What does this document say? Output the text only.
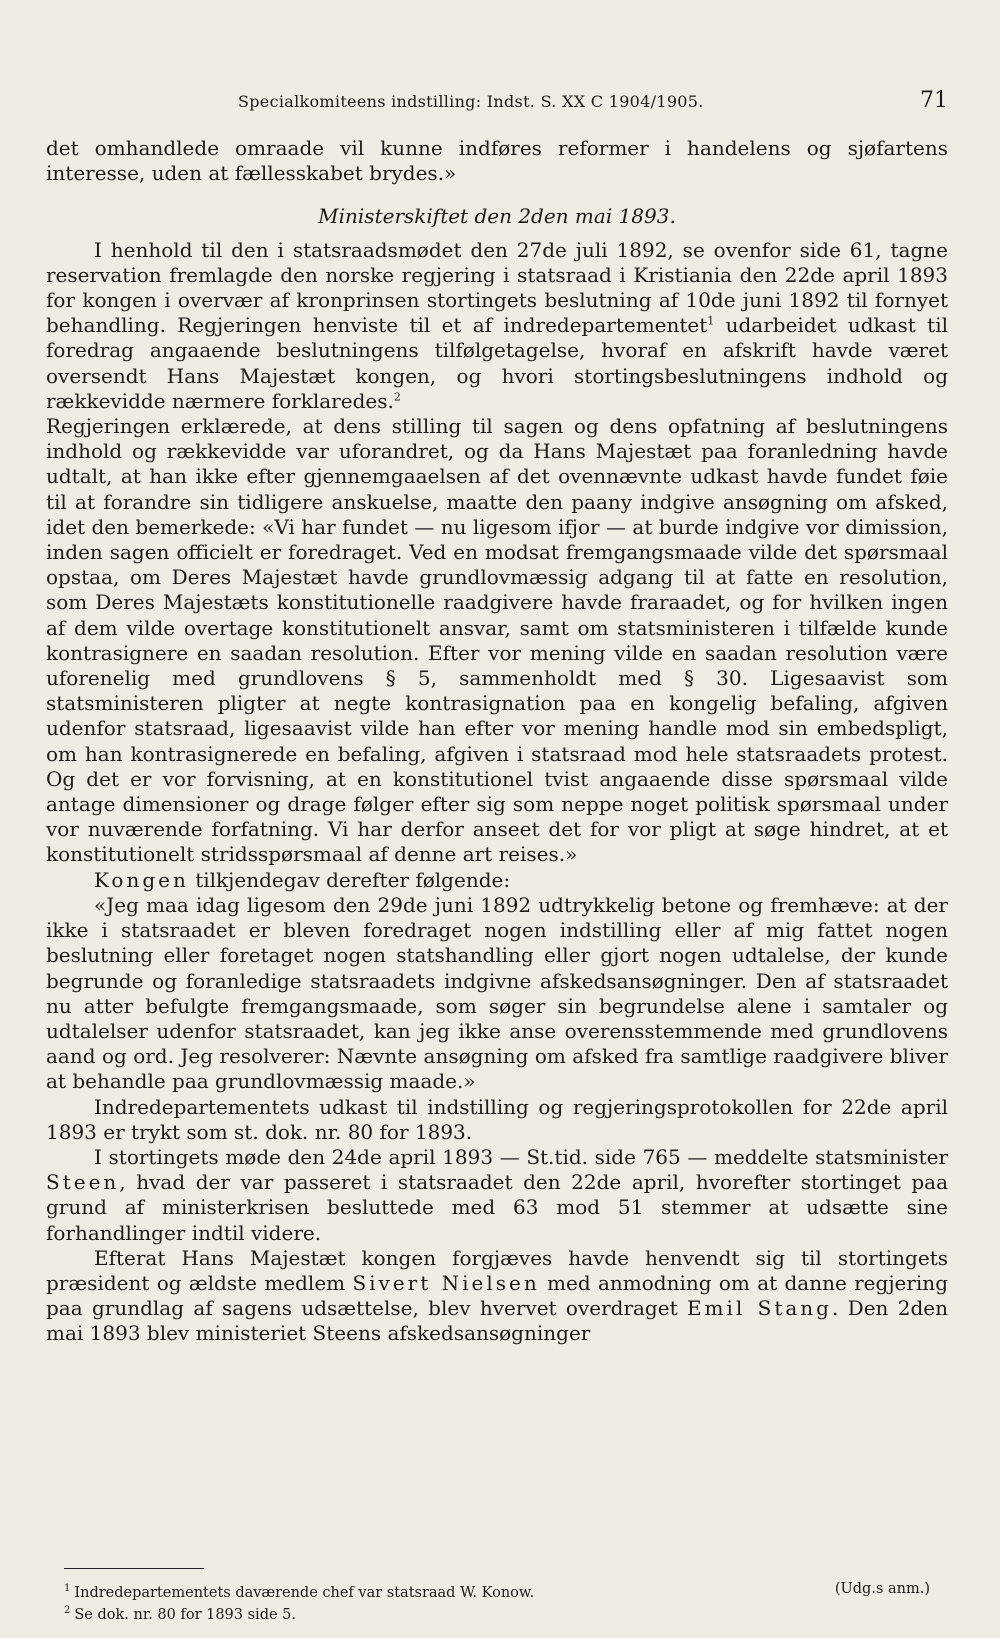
Specialkomiteens indstilling: Indst. S. XX C 1904/1905.	71

det omhandlede omraade vil kunne indføres reformer i handelens og sjøfartens interesse, uden at fællesskabet brydes.»

Ministerskiftet den 2den mai 1893.

I henhold til den i statsraadsmødet den 27de juli 1892, se ovenfor side 61, tagne reservation fremlagde den norske regjering i statsraad i Kristiania den 22de april 1893 for kongen i overvær af kronprinsen stortingets beslutning af 10de juni 1892 til fornyet behandling. Regjeringen henviste til et af indredepartementet$^1$ udarbeidet udkast til foredrag angaaende beslutningens tilfølgetagelse, hvoraf en afskrift havde været oversendt Hans Majestæt kongen, og hvori stortingsbeslutningens indhold og rækkevidde nærmere forklaredes.$^2$

Regjeringen erklærede, at dens stilling til sagen og dens opfatning af beslutningens indhold og rækkevidde var uforandret, og da Hans Majestæt paa foranledning havde udtalt, at han ikke efter gjennemgaaelsen af det ovennævnte udkast havde fundet føie til at forandre sin tidligere anskuelse, maatte den paany indgive ansøgning om afsked, idet den bemerkede: «Vi har fundet — nu ligesom ifjor — at burde indgive vor dimission, inden sagen officielt er foredraget. Ved en modsat fremgangsmaade vilde det spørsmaal opstaa, om Deres Majestæt havde grundlovmæssig adgang til at fatte en resolution, som Deres Majestæts konstitutionelle raadgivere havde fraraadet, og for hvilken ingen af dem vilde overtage konstitutionelt ansvar, samt om statsministeren i tilfælde kunde kontrasignere en saadan resolution. Efter vor mening vilde en saadan resolution være uforenelig med grundlovens § 5, sammenholdt med § 30. Ligesaavist som statsministeren pligter at negte kontrasignation paa en kongelig befaling, afgiven udenfor statsraad, ligesaavist vilde han efter vor mening handle mod sin embedspligt, om han kontrasignerede en befaling, afgiven i statsraad mod hele statsraadets protest. Og det er vor forvisning, at en konstitutionel tvist angaaende disse spørsmaal vilde antage dimensioner og drage følger efter sig som neppe noget politisk spørsmaal under vor nuværende forfatning. Vi har derfor anseet det for vor pligt at søge hindret, at et konstitutionelt stridsspørsmaal af denne art reises.»

Kongen tilkjendegav derefter følgende:

«Jeg maa idag ligesom den 29de juni 1892 udtrykkelig betone og fremhæve: at der ikke i statsraadet er bleven foredraget nogen indstilling eller af mig fattet nogen beslutning eller foretaget nogen statshandling eller gjort nogen udtalelse, der kunde begrunde og foranledige statsraadets indgivne afskedsansøgninger. Den af statsraadet nu atter befulgte fremgangsmaade, som søger sin begrundelse alene i samtaler og udtalelser udenfor statsraadet, kan jeg ikke anse overensstemmende med grundlovens aand og ord. Jeg resolverer: Nævnte ansøgning om afsked fra samtlige raadgivere bliver at behandle paa grundlovmæssig maade.»

Indredepartementets udkast til indstilling og regjeringsprotokollen for 22de april 1893 er trykt som st. dok. nr. 80 for 1893.

I stortingets møde den 24de april 1893 — St.tid. side 765 — meddelte statsminister Steen, hvad der var passeret i statsraadet den 22de april, hvorefter stortinget paa grund af ministerkrisen besluttede med 63 mod 51 stemmer at udsætte sine forhandlinger indtil videre.

Efterat Hans Majestæt kongen forgjæves havde henvendt sig til stortingets præsident og ældste medlem Sivert Nielsen med anmodning om at danne regjering paa grundlag af sagens udsættelse, blev hvervet overdraget Emil Stang. Den 2den mai 1893 blev ministeriet Steens afskedsansøgninger

$^1$ Indredepartementets daværende chef var statsraad W. Konow.	(Udg.s anm.)
$^2$ Se dok. nr. 80 for 1893 side 5.
